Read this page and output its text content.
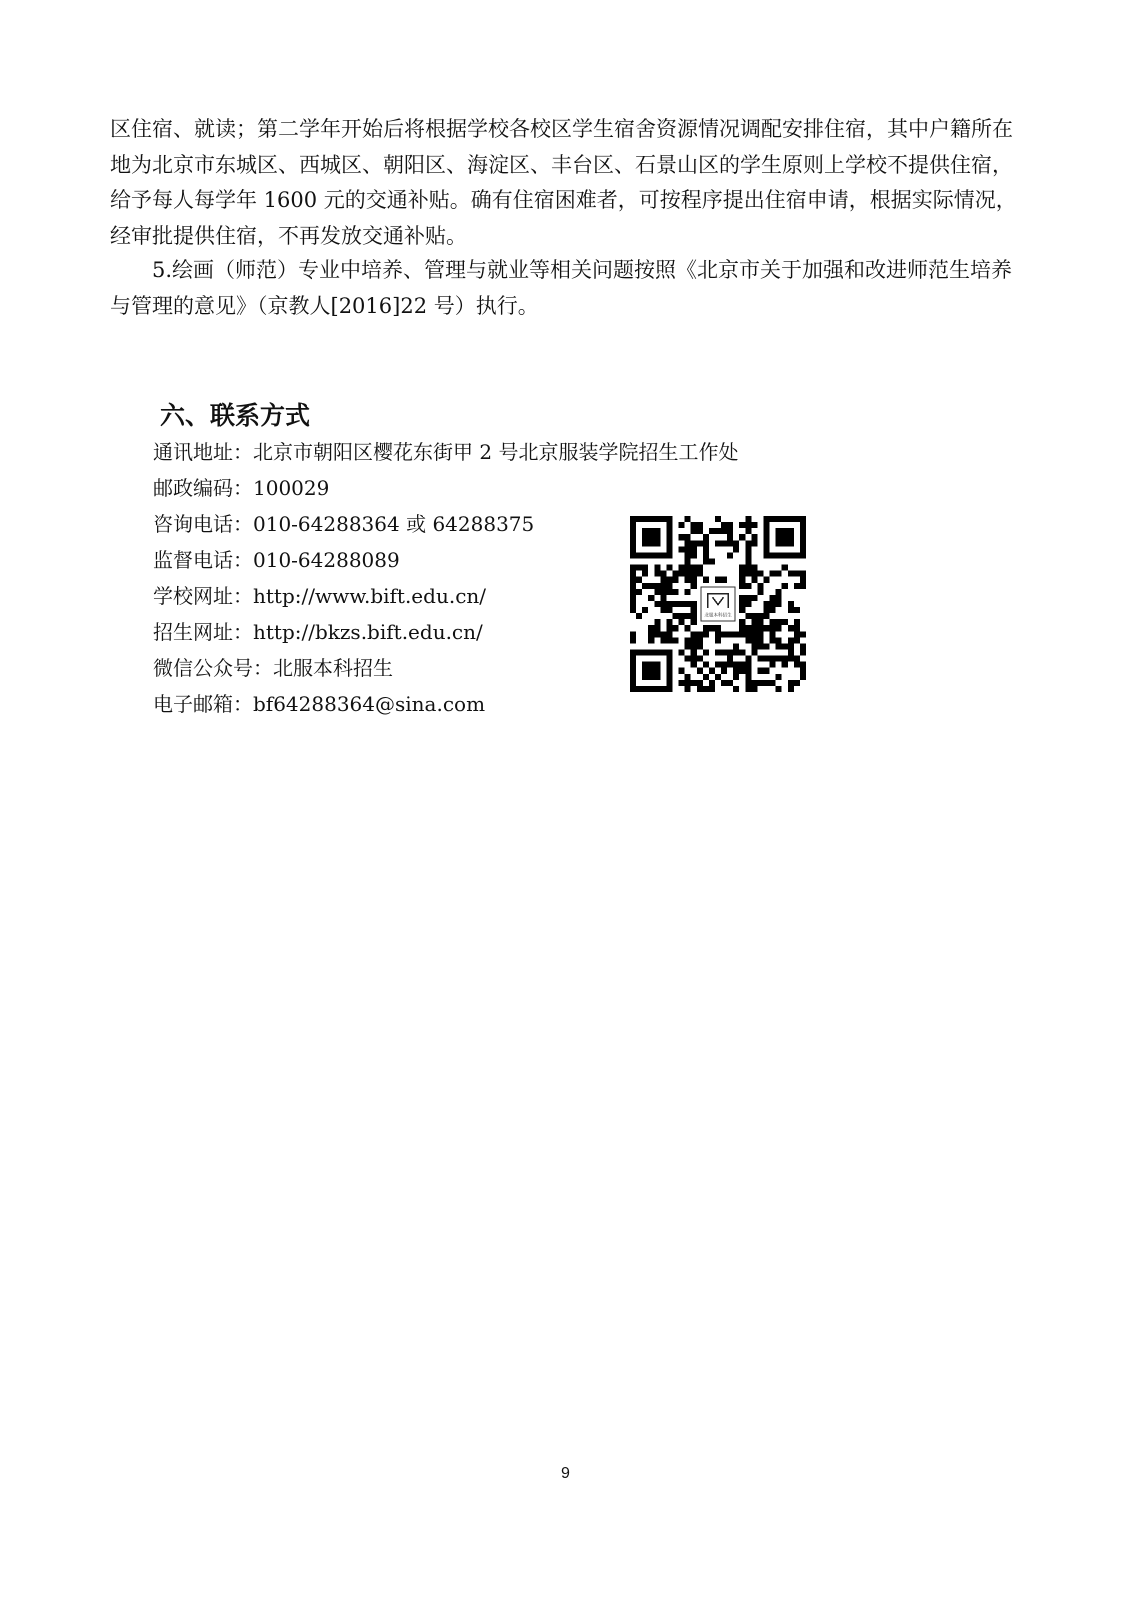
区住宿、就读；第二学年开始后将根据学校各校区学生宿舍资源情况调配安排住宿，其中户籍所在地为北京市东城区、西城区、朝阳区、海淀区、丰台区、石景山区的学生原则上学校不提供住宿，给予每人每学年 1600 元的交通补贴。确有住宿困难者，可按程序提出住宿申请，根据实际情况，经审批提供住宿，不再发放交通补贴。
5.绘画（师范）专业中培养、管理与就业等相关问题按照《北京市关于加强和改进师范生培养与管理的意见》（京教人[2016]22 号）执行。
六、联系方式
通讯地址：北京市朝阳区樱花东街甲 2 号北京服装学院招生工作处
邮政编码：100029
咨询电话：010-64288364 或 64288375
监督电话：010-64288089
学校网址：http://www.bift.edu.cn/
招生网址：http://bkzs.bift.edu.cn/
微信公众号：北服本科招生
电子邮箱：bf64288364@sina.com
9
